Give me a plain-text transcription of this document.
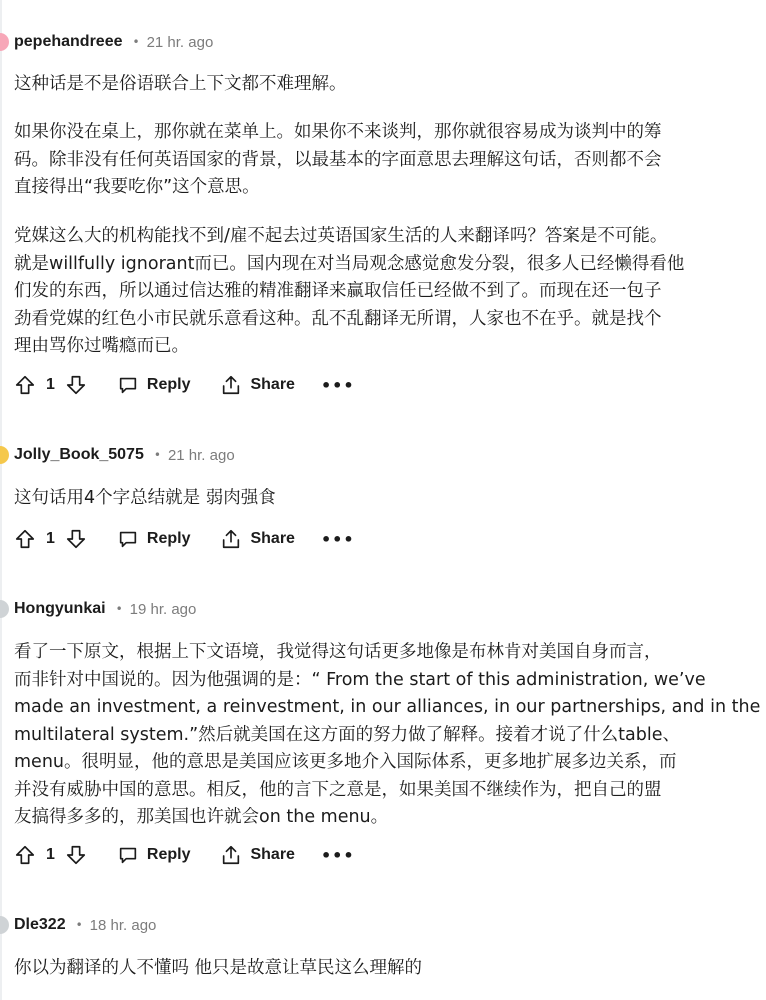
pepehandreee • 21 hr. ago

这种话是不是俗语联合上下文都不难理解。

如果你没在桌上，那你就在菜单上。如果你不来谈判，那你就很容易成为谈判中的筹
码。除非没有任何英语国家的背景，以最基本的字面意思去理解这句话，否则都不会
直接得出“我要吃你”这个意思。

党媒这么大的机构能找不到/雇不起去过英语国家生活的人来翻译吗？答案是不可能。
就是willfully ignorant而已。国内现在对当局观念感觉愈发分裂，很多人已经懒得看他
们发的东西，所以通过信达雅的精准翻译来赢取信任已经做不到了。而现在还一包子
劲看党媒的红色小市民就乐意看这种。乱不乱翻译无所谓，人家也不在乎。就是找个
理由骂你过嘴瘾而已。

1	Reply	Share •••
Jolly_Book_5075 • 21 hr. ago

这句话用4个字总结就是 弱肉强食

1	Reply	Share •••
Hongyunkai • 19 hr. ago

看了一下原文，根据上下文语境，我觉得这句话更多地像是布林肯对美国自身而言，
而非针对中国说的。因为他强调的是：“ From the start of this administration, we’ve
made an investment, a reinvestment, in our alliances, in our partnerships, and in the
multilateral system.”然后就美国在这方面的努力做了解释。接着才说了什么table、
menu。很明显，他的意思是美国应该更多地介入国际体系，更多地扩展多边关系，而
并没有威胁中国的意思。相反，他的言下之意是，如果美国不继续作为，把自己的盟
友搞得多多的，那美国也许就会on the menu。

1	Reply	Share •••
Dle322 • 18 hr. ago

你以为翻译的人不懂吗 他只是故意让草民这么理解的
